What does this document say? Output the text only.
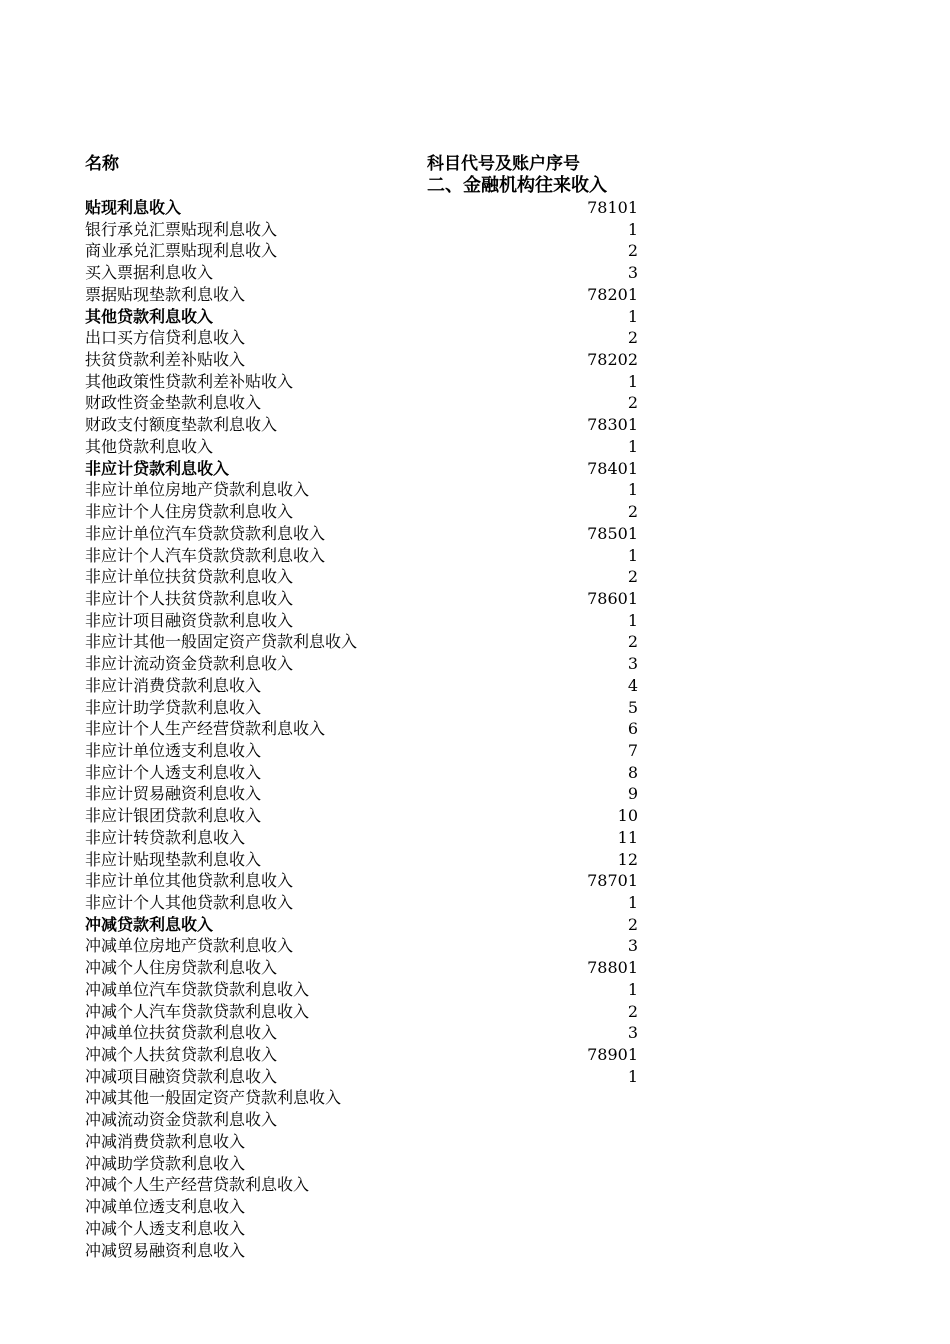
名称	科目代号及账户序号
二、金融机构往来收入
贴现利息收入
银行承兑汇票贴现利息收入
商业承兑汇票贴现利息收入
买入票据利息收入
票据贴现垫款利息收入
其他贷款利息收入
出口买方信贷利息收入
扶贫贷款利差补贴收入
其他政策性贷款利差补贴收入
财政性资金垫款利息收入
财政支付额度垫款利息收入
其他贷款利息收入
非应计贷款利息收入
非应计单位房地产贷款利息收入
非应计个人住房贷款利息收入
非应计单位汽车贷款贷款利息收入
非应计个人汽车贷款贷款利息收入
非应计单位扶贫贷款利息收入
非应计个人扶贫贷款利息收入
非应计项目融资贷款利息收入
非应计其他一般固定资产贷款利息收入
非应计流动资金贷款利息收入
非应计消费贷款利息收入
非应计助学贷款利息收入
非应计个人生产经营贷款利息收入
非应计单位透支利息收入
非应计个人透支利息收入
非应计贸易融资利息收入
非应计银团贷款利息收入
非应计转贷款利息收入
非应计贴现垫款利息收入
非应计单位其他贷款利息收入
非应计个人其他贷款利息收入
冲减贷款利息收入
冲减单位房地产贷款利息收入
冲减个人住房贷款利息收入
冲减单位汽车贷款贷款利息收入
冲减个人汽车贷款贷款利息收入
冲减单位扶贫贷款利息收入
冲减个人扶贫贷款利息收入
冲减项目融资贷款利息收入
冲减其他一般固定资产贷款利息收入
冲减流动资金贷款利息收入
冲减消费贷款利息收入
冲减助学贷款利息收入
冲减个人生产经营贷款利息收入
冲减单位透支利息收入
冲减个人透支利息收入
冲减贸易融资利息收入
78101
1
2
3
78201
1
2
78202
1
2
78301
1
78401
1
2
78501
1
2
78601
1
2
3
4
5
6
7
8
9
10
11
12
78701
1
2
3
78801
1
2
3
78901
1
